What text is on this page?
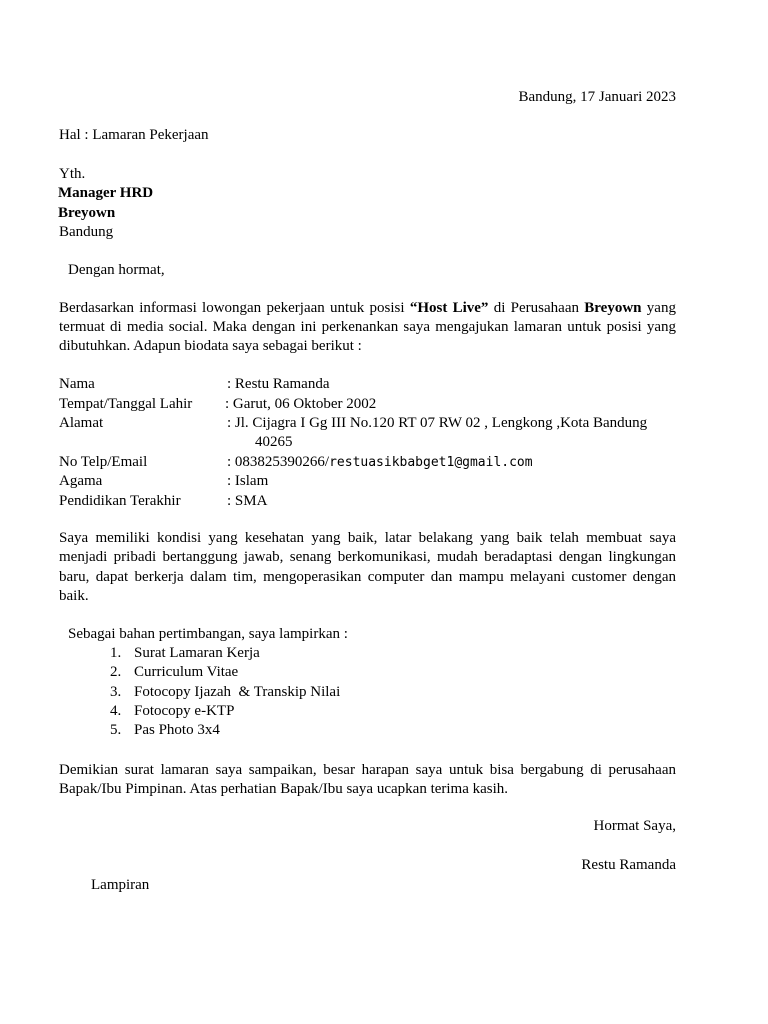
Bandung, 17 Januari 2023
Hal : Lamaran Pekerjaan
Yth.
Manager HRD
Breyown
Bandung
Dengan hormat,
Berdasarkan informasi lowongan pekerjaan untuk posisi “Host Live” di Perusahaan Breyown yang
termuat di media social. Maka dengan ini perkenankan saya mengajukan lamaran untuk posisi yang
dibutuhkan. Adapun biodata saya sebagai berikut :
Nama	: Restu Ramanda
Tempat/Tanggal Lahir : Garut, 06 Oktober 2002
Alamat	: Jl. Cijagra I Gg III No.120 RT 07 RW 02 , Lengkong ,Kota Bandung
40265
No Telp/Email	: 083825390266/restuasikbabget1@gmail.com
Agama	: Islam
Pendidikan Terakhir	: SMA
Saya memiliki kondisi yang kesehatan yang baik, latar belakang yang baik telah membuat saya
menjadi pribadi bertanggung jawab, senang berkomunikasi, mudah beradaptasi dengan lingkungan
baru, dapat berkerja dalam tim, mengoperasikan computer dan mampu melayani customer dengan
baik.
Sebagai bahan pertimbangan, saya lampirkan :
1. Surat Lamaran Kerja
2. Curriculum Vitae
3. Fotocopy Ijazah  & Transkip Nilai
4. Fotocopy e-KTP
5. Pas Photo 3x4
Demikian surat lamaran saya sampaikan, besar harapan saya untuk bisa bergabung di perusahaan
Bapak/Ibu Pimpinan. Atas perhatian Bapak/Ibu saya ucapkan terima kasih.
Hormat Saya,
Restu Ramanda
Lampiran
